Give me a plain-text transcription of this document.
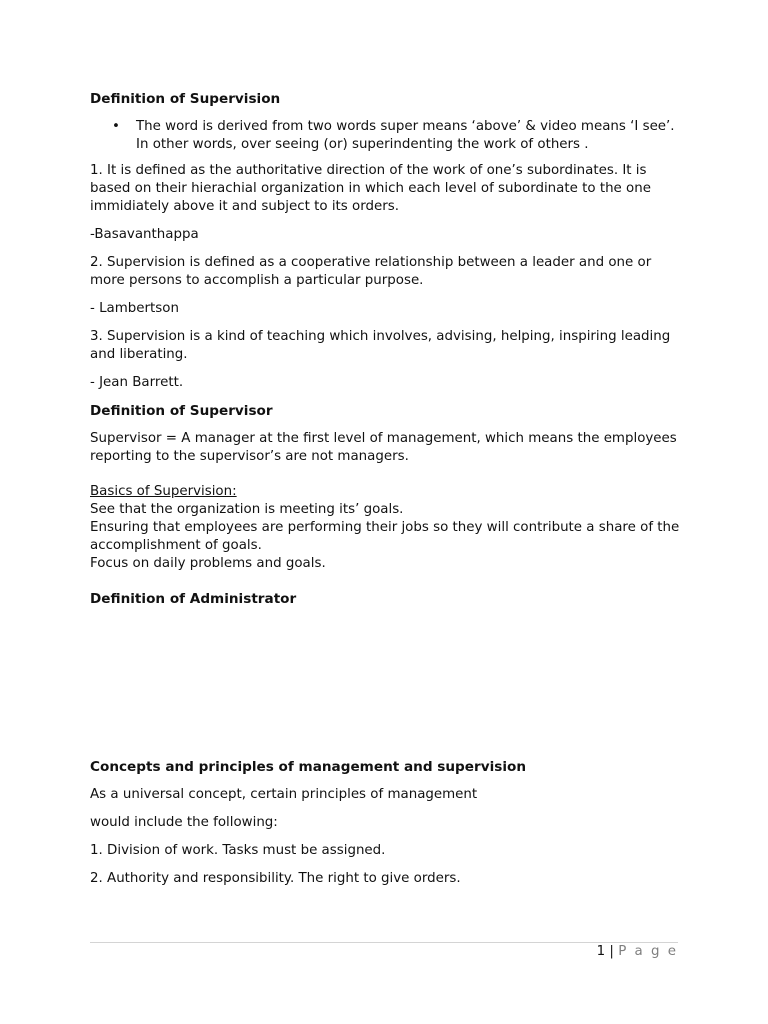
Definition of Supervision

• The word is derived from two words super means ‘above’ & video means ‘I see’. In other words, over seeing (or) superindenting the work of others .

1. It is defined as the authoritative direction of the work of one’s subordinates. It is based on their hierachial organization in which each level of subordinate to the one immidiately above it and subject to its orders.

-Basavanthappa

2. Supervision is defined as a cooperative relationship between a leader and one or more persons to accomplish a particular purpose.

- Lambertson

3. Supervision is a kind of teaching which involves, advising, helping, inspiring leading and liberating.

- Jean Barrett.

Definition of Supervisor

Supervisor = A manager at the first level of management, which means the employees

reporting to the supervisor’s are not managers.

Basics of Supervision:

See that the organization is meeting its’ goals.

Ensuring that employees are performing their jobs so they will contribute a share of the accomplishment of goals.

Focus on daily problems and goals.

Definition of Administrator

Concepts and principles of management and supervision

As a universal concept, certain principles of management

would include the following:

1. Division of work. Tasks must be assigned.

2. Authority and responsibility. The right to give orders.

1 | P a g e
